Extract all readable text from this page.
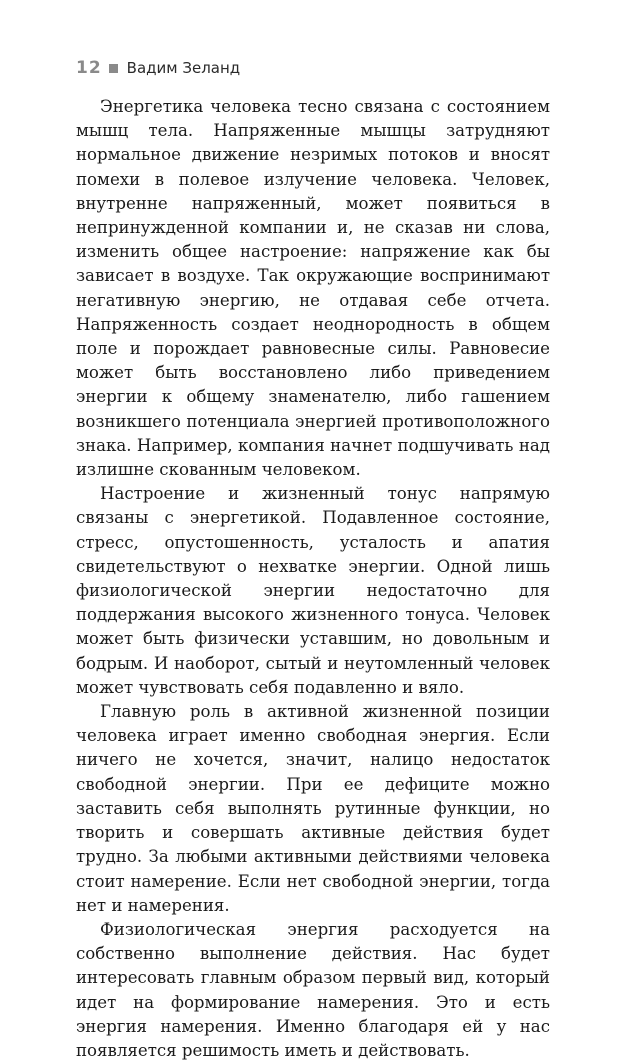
12 Вадим Зеланд

Энергетика человека тесно связана с состоянием мышц тела. Напряженные мышцы затрудняют нормальное движение незримых потоков и вносят помехи в полевое излучение человека. Человек, внутренне напряженный, может появиться в непринужденной компании и, не сказав ни слова, изменить общее настроение: напряжение как бы зависает в воздухе. Так окружающие воспринимают негативную энергию, не отдавая себе отчета. Напряженность создает неоднородность в общем поле и порождает равновесные силы. Равновесие может быть восстановлено либо приведением энергии к общему знаменателю, либо гашением возникшего потенциала энергией противоположного знака. Например, компания начнет подшучивать над излишне скованным человеком.

Настроение и жизненный тонус напрямую связаны с энергетикой. Подавленное состояние, стресс, опустошенность, усталость и апатия свидетельствуют о нехватке энергии. Одной лишь физиологической энергии недостаточно для поддержания высокого жизненного тонуса. Человек может быть физически уставшим, но довольным и бодрым. И наоборот, сытый и неутомленный человек может чувствовать себя подавленно и вяло.

Главную роль в активной жизненной позиции человека играет именно свободная энергия. Если ничего не хочется, значит, налицо недостаток свободной энергии. При ее дефиците можно заставить себя выполнять рутинные функции, но творить и совершать активные действия будет трудно. За любыми активными действиями человека стоит намерение. Если нет свободной энергии, тогда нет и намерения.

Физиологическая энергия расходуется на собственно выполнение действия. Нас будет интересовать главным образом первый вид, который идет на формирование намерения. Это и есть энергия намерения. Именно благодаря ей у нас появляется решимость иметь и действовать.
